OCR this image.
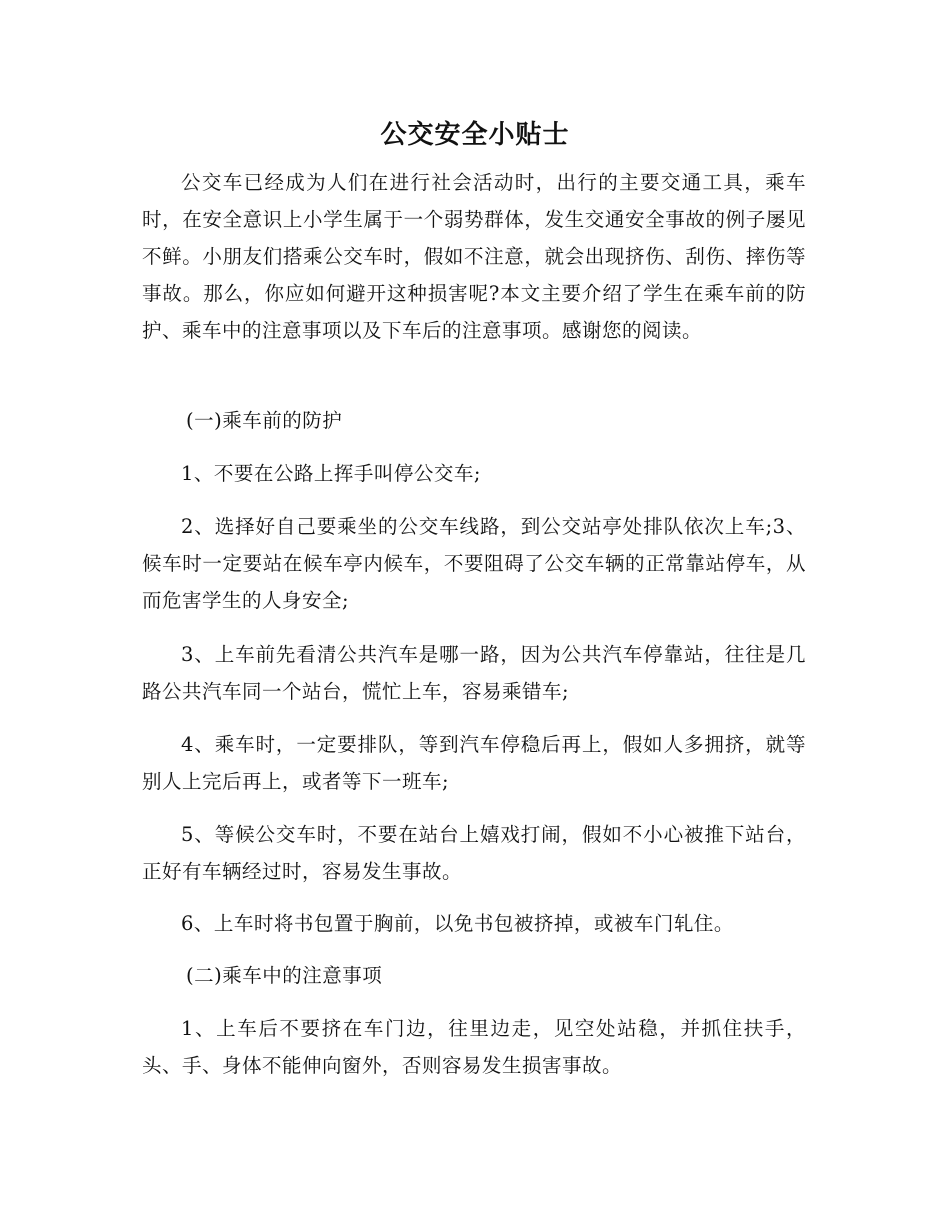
公交安全小贴士

公交车已经成为人们在进行社会活动时，出行的主要交通工具，乘车时，在安全意识上小学生属于一个弱势群体，发生交通安全事故的例子屡见不鲜。小朋友们搭乘公交车时，假如不注意，就会出现挤伤、刮伤、摔伤等事故。那么，你应如何避开这种损害呢?本文主要介绍了学生在乘车前的防护、乘车中的注意事项以及下车后的注意事项。感谢您的阅读。

(一)乘车前的防护

1、不要在公路上挥手叫停公交车;

2、选择好自己要乘坐的公交车线路，到公交站亭处排队依次上车;3、候车时一定要站在候车亭内候车，不要阻碍了公交车辆的正常靠站停车，从而危害学生的人身安全;

3、上车前先看清公共汽车是哪一路，因为公共汽车停靠站，往往是几路公共汽车同一个站台，慌忙上车，容易乘错车;

4、乘车时，一定要排队，等到汽车停稳后再上，假如人多拥挤，就等别人上完后再上，或者等下一班车;

5、等候公交车时，不要在站台上嬉戏打闹，假如不小心被推下站台，正好有车辆经过时，容易发生事故。

6、上车时将书包置于胸前，以免书包被挤掉，或被车门轧住。

(二)乘车中的注意事项

1、上车后不要挤在车门边，往里边走，见空处站稳，并抓住扶手，头、手、身体不能伸向窗外，否则容易发生损害事故。
